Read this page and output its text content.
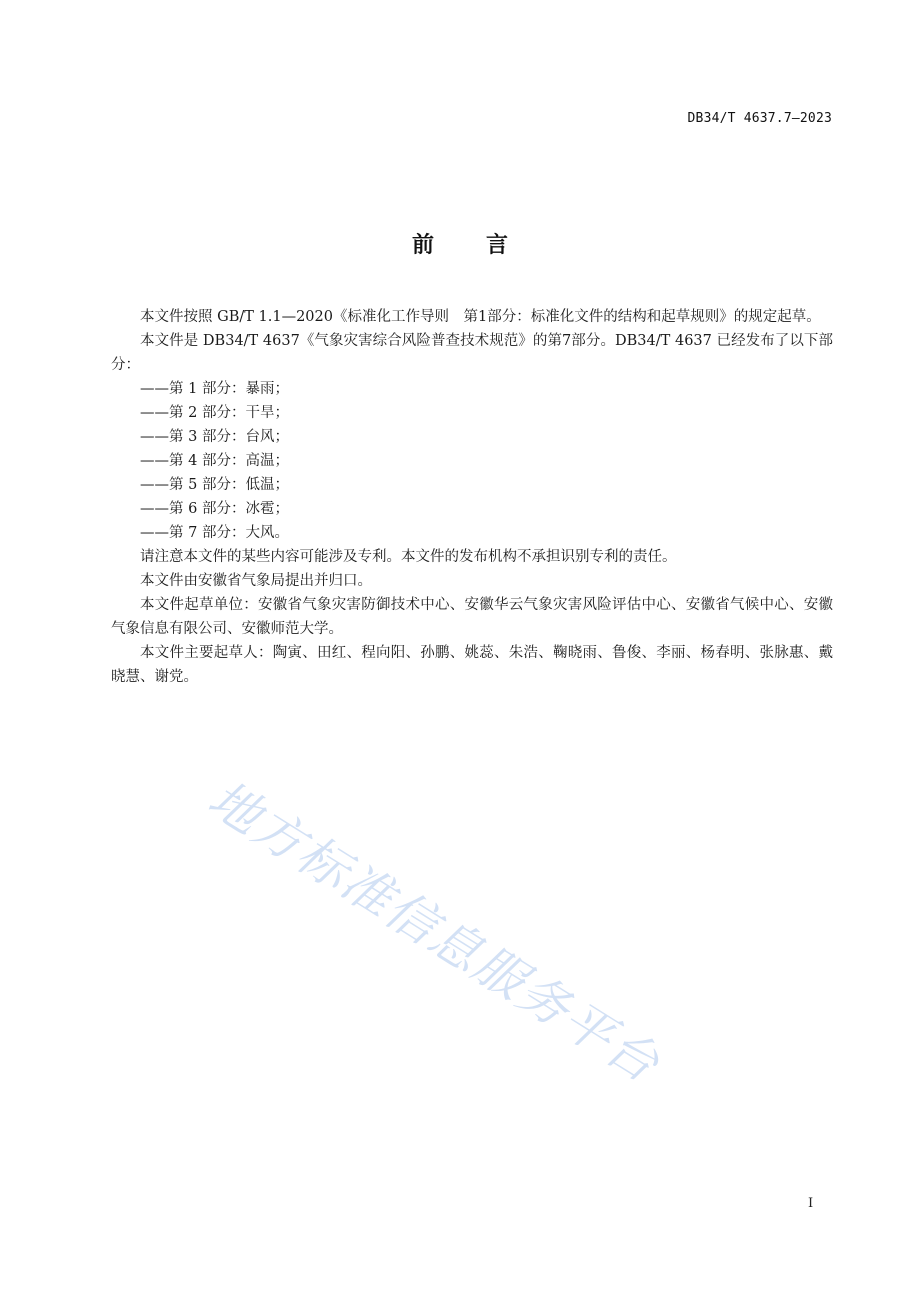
DB34/T 4637.7—2023
前 言

本文件按照 GB/T 1.1—2020《标准化工作导则　第1部分：标准化文件的结构和起草规则》的规定起草。

本文件是 DB34/T 4637《气象灾害综合风险普查技术规范》的第7部分。DB34/T 4637 已经发布了以下部分：

——第 1 部分：暴雨；

——第 2 部分：干旱；

——第 3 部分：台风；

——第 4 部分：高温；

——第 5 部分：低温；

——第 6 部分：冰雹；

——第 7 部分：大风。

请注意本文件的某些内容可能涉及专利。本文件的发布机构不承担识别专利的责任。

本文件由安徽省气象局提出并归口。

本文件起草单位：安徽省气象灾害防御技术中心、安徽华云气象灾害风险评估中心、安徽省气候中心、安徽气象信息有限公司、安徽师范大学。

本文件主要起草人：陶寅、田红、程向阳、孙鹏、姚蕊、朱浩、鞠晓雨、鲁俊、李丽、杨春明、张脉惠、戴晓慧、谢党。

地方标准信息服务平台
I
